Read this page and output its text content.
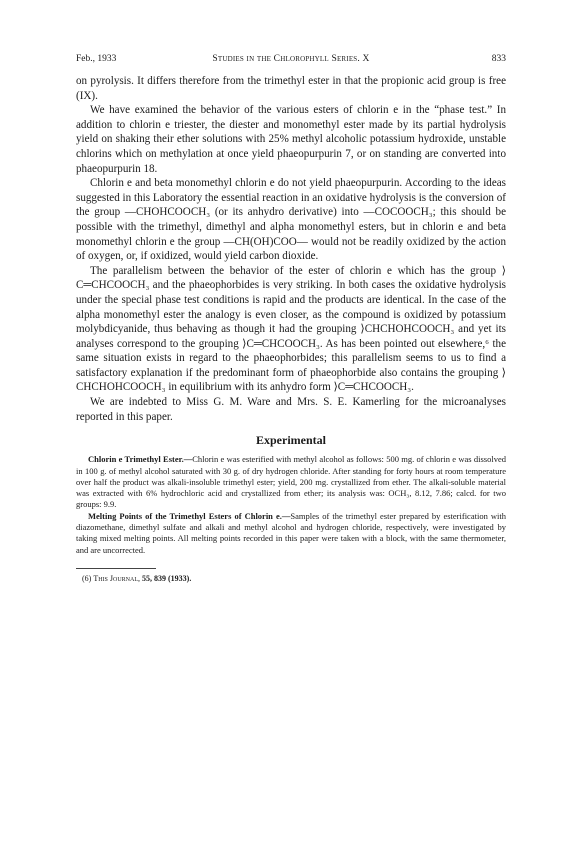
Feb., 1933	Studies in the Chlorophyll Series. X	833

on pyrolysis. It differs therefore from the trimethyl ester in that the propionic acid group is free (IX).

We have examined the behavior of the various esters of chlorin e in the “phase test.” In addition to chlorin e triester, the diester and monomethyl ester made by its partial hydrolysis yield on shaking their ether solutions with 25% methyl alcoholic potassium hydroxide, unstable chlorins which on methylation at once yield phaeopurpurin 7, or on standing are converted into phaeopurpurin 18.

Chlorin e and beta monomethyl chlorin e do not yield phaeopurpurin. According to the ideas suggested in this Laboratory the essential reaction in an oxidative hydrolysis is the conversion of the group —CHOHCOOCH₃ (or its anhydro derivative) into —COCOOCH₃; this should be possible with the trimethyl, dimethyl and alpha monomethyl esters, but in chlorin e and beta monomethyl chlorin e the group —CH(OH)COO— would not be readily oxidized by the action of oxygen, or, if oxidized, would yield carbon dioxide.

The parallelism between the behavior of the ester of chlorin e which has the group ⟩C═CHCOOCH₃ and the phaeophorbides is very striking. In both cases the oxidative hydrolysis under the special phase test conditions is rapid and the products are identical. In the case of the alpha monomethyl ester the analogy is even closer, as the compound is oxidized by potassium molybdicyanide, thus behaving as though it had the grouping ⟩CHCHOHCOOCH₃ and yet its analyses correspond to the grouping ⟩C═CHCOOCH₃. As has been pointed out elsewhere,⁶ the same situation exists in regard to the phaeophorbides; this parallelism seems to us to find a satisfactory explanation if the predominant form of phaeophorbide also contains the grouping ⟩CHCHOHCOOCH₃ in equilibrium with its anhydro form ⟩C═CHCOOCH₃.

We are indebted to Miss G. M. Ware and Mrs. S. E. Kamerling for the microanalyses reported in this paper.

Experimental

Chlorin e Trimethyl Ester.—Chlorin e was esterified with methyl alcohol as follows: 500 mg. of chlorin e was dissolved in 100 g. of methyl alcohol saturated with 30 g. of dry hydrogen chloride. After standing for forty hours at room temperature over half the product was alkali-insoluble trimethyl ester; yield, 200 mg. crystallized from ether. The alkali-soluble material was extracted with 6% hydrochloric acid and crystallized from ether; its analysis was: OCH₃, 8.12, 7.86; calcd. for two groups: 9.9.

Melting Points of the Trimethyl Esters of Chlorin e.—Samples of the trimethyl ester prepared by esterification with diazomethane, dimethyl sulfate and alkali and methyl alcohol and hydrogen chloride, respectively, were investigated by taking mixed melting points. All melting points recorded in this paper were taken with a block, with the same thermometer, and are uncorrected.

(6) This Journal, 55, 839 (1933).
